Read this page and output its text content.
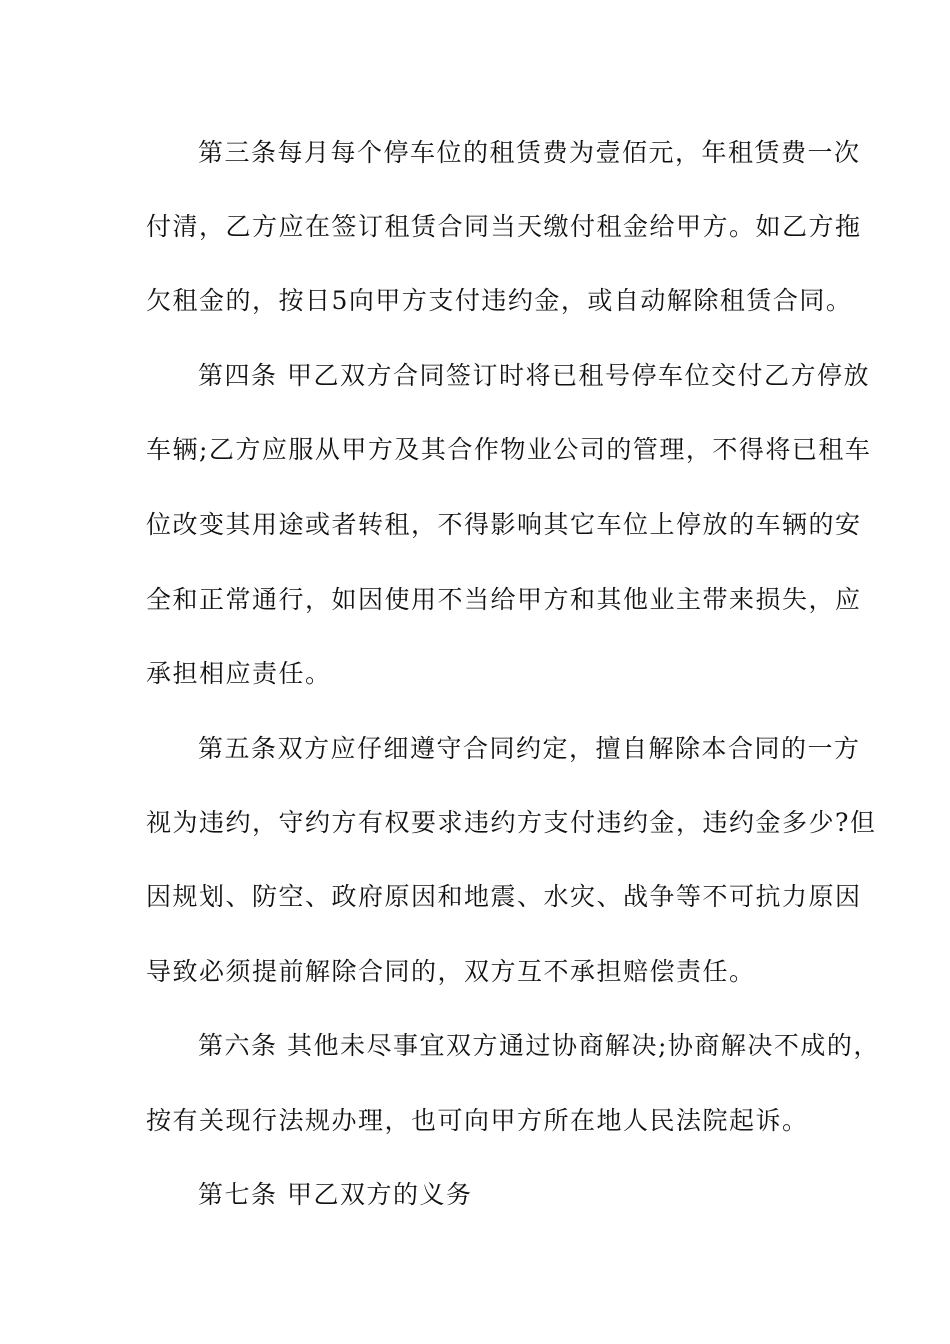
第三条每月每个停车位的租赁费为壹佰元，年租赁费一次
付清，乙方应在签订租赁合同当天缴付租金给甲方。如乙方拖
欠租金的，按日5向甲方支付违约金，或自动解除租赁合同。
第四条 甲乙双方合同签订时将已租号停车位交付乙方停放
车辆;乙方应服从甲方及其合作物业公司的管理，不得将已租车
位改变其用途或者转租，不得影响其它车位上停放的车辆的安
全和正常通行，如因使用不当给甲方和其他业主带来损失，应
承担相应责任。
第五条双方应仔细遵守合同约定，擅自解除本合同的一方
视为违约，守约方有权要求违约方支付违约金，违约金多少?但
因规划、防空、政府原因和地震、水灾、战争等不可抗力原因
导致必须提前解除合同的，双方互不承担赔偿责任。
第六条 其他未尽事宜双方通过协商解决;协商解决不成的，
按有关现行法规办理，也可向甲方所在地人民法院起诉。
第七条 甲乙双方的义务
